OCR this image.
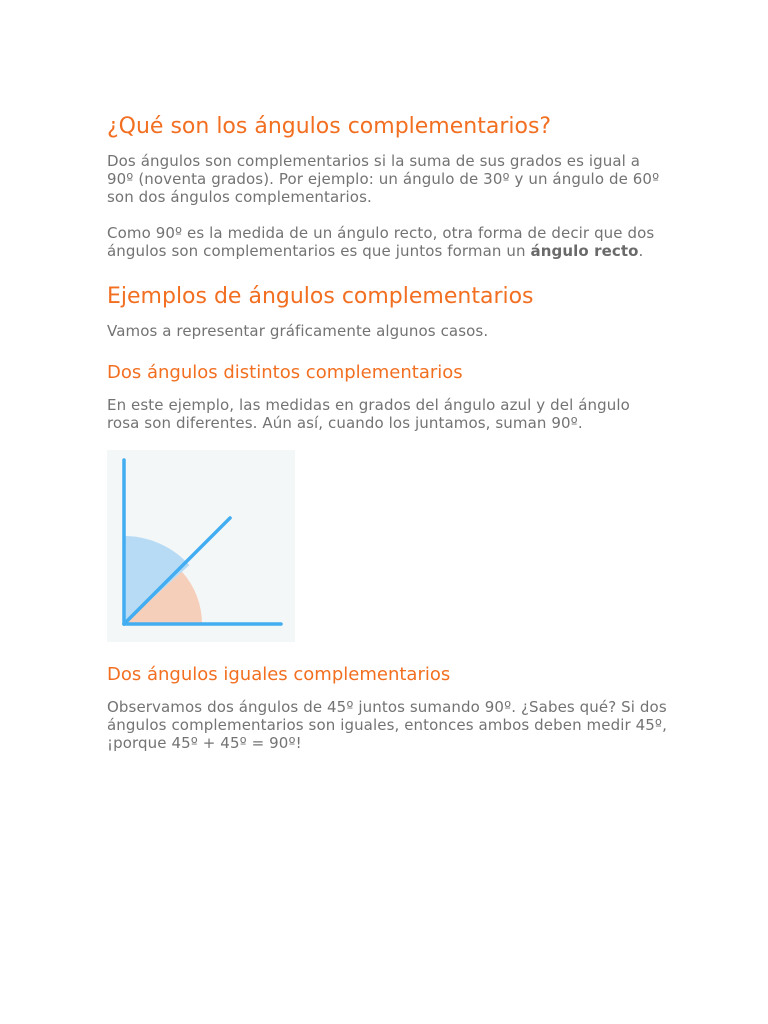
¿Qué son los ángulos complementarios?

Dos ángulos son complementarios si la suma de sus grados es igual a 90º (noventa grados). Por ejemplo: un ángulo de 30º y un ángulo de 60º son dos ángulos complementarios.

Como 90º es la medida de un ángulo recto, otra forma de decir que dos ángulos son complementarios es que juntos forman un ángulo recto.

Ejemplos de ángulos complementarios

Vamos a representar gráficamente algunos casos.

Dos ángulos distintos complementarios

En este ejemplo, las medidas en grados del ángulo azul y del ángulo rosa son diferentes. Aún así, cuando los juntamos, suman 90º.

Dos ángulos iguales complementarios

Observamos dos ángulos de 45º juntos sumando 90º. ¿Sabes qué? Si dos ángulos complementarios son iguales, entonces ambos deben medir 45º, ¡porque 45º + 45º = 90º!
